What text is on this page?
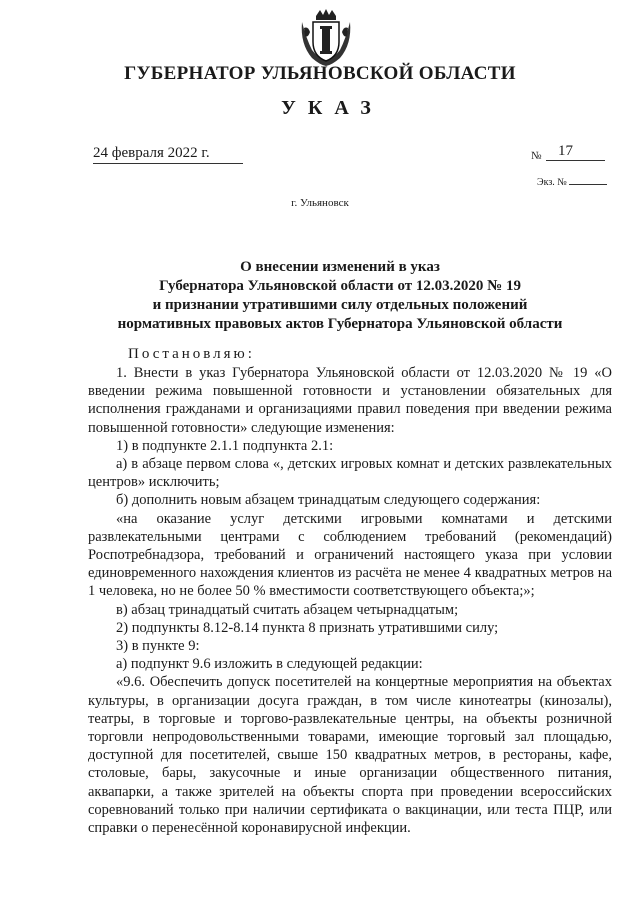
ГУБЕРНАТОР УЛЬЯНОВСКОЙ ОБЛАСТИ
УКАЗ
24 февраля 2022 г.	№	17
Экз. №
г. Ульяновск
О внесении изменений в указ
Губернатора Ульяновской области от 12.03.2020 № 19
и признании утратившими силу отдельных положений
нормативных правовых актов Губернатора Ульяновской области
Постановляю:

1. Внести в указ Губернатора Ульяновской области от 12.03.2020 № 19 «О введении режима повышенной готовности и установлении обязательных для исполнения гражданами и организациями правил поведения при введении режима повышенной готовности» следующие изменения:

1) в подпункте 2.1.1 подпункта 2.1:

а) в абзаце первом слова «, детских игровых комнат и детских развлекательных центров» исключить;

б) дополнить новым абзацем тринадцатым следующего содержания:

«на оказание услуг детскими игровыми комнатами и детскими развлекательными центрами с соблюдением требований (рекомендаций) Роспотребнадзора, требований и ограничений настоящего указа при условии единовременного нахождения клиентов из расчёта не менее 4 квадратных метров на 1 человека, но не более 50 % вместимости соответствующего объекта;»;

в) абзац тринадцатый считать абзацем четырнадцатым;

2) подпункты 8.12-8.14 пункта 8 признать утратившими силу;

3) в пункте 9:

а) подпункт 9.6 изложить в следующей редакции:

«9.6. Обеспечить допуск посетителей на концертные мероприятия на объектах культуры, в организации досуга граждан, в том числе кинотеатры (кинозалы), театры, в торговые и торгово-развлекательные центры, на объекты розничной торговли непродовольственными товарами, имеющие торговый зал площадью, доступной для посетителей, свыше 150 квадратных метров, в рестораны, кафе, столовые, бары, закусочные и иные организации общественного питания, аквапарки, а также зрителей на объекты спорта при проведении всероссийских соревнований только при наличии сертификата о вакцинации, или теста ПЦР, или справки о перенесённой коронавирусной инфекции.
